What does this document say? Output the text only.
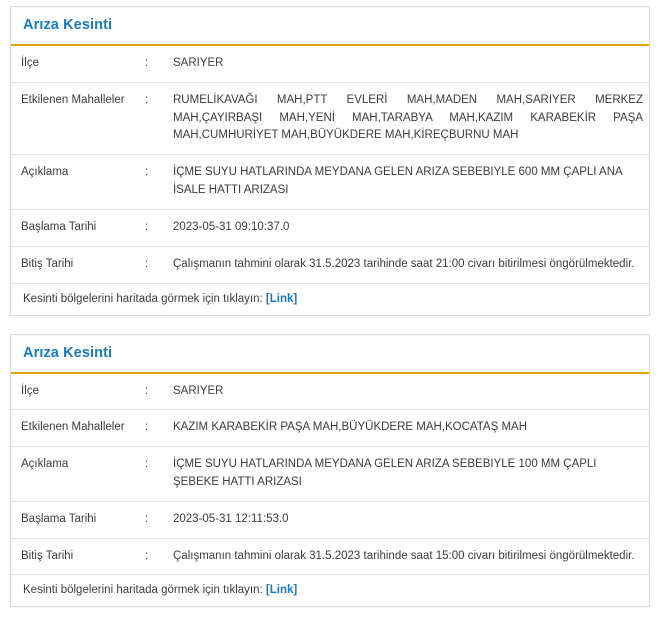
Arıza Kesinti
İlçe	:	SARIYER
Etkilenen Mahalleler	:	RUMELİKAVAĞI MAH,PTT EVLERİ MAH,MADEN MAH,SARIYER MERKEZ MAH,ÇAYIRBAŞI MAH,YENİ MAH,TARABYA MAH,KAZIM KARABEKİR PAŞA MAH,CUMHURİYET MAH,BÜYÜKDERE MAH,KİREÇBURNU MAH
Açıklama	:	İÇME SUYU HATLARINDA MEYDANA GELEN ARIZA SEBEBIYLE 600 MM ÇAPLI ANA İSALE HATTI ARIZASI
Başlama Tarihi	:	2023-05-31 09:10:37.0
Bitiş Tarihi	:	Çalışmanın tahmini olarak 31.5.2023 tarihinde saat 21:00 civarı bitirilmesi öngörülmektedir.
Kesinti bölgelerini haritada görmek için tıklayın: [Link]
Arıza Kesinti
İlçe	:	SARIYER
Etkilenen Mahalleler	:	KAZIM KARABEKİR PAŞA MAH,BÜYÜKDERE MAH,KOCATAŞ MAH
Açıklama	:	İÇME SUYU HATLARINDA MEYDANA GELEN ARIZA SEBEBIYLE 100 MM ÇAPLI ŞEBEKE HATTI ARIZASI
Başlama Tarihi	:	2023-05-31 12:11:53.0
Bitiş Tarihi	:	Çalışmanın tahmini olarak 31.5.2023 tarihinde saat 15:00 civarı bitirilmesi öngörülmektedir.
Kesinti bölgelerini haritada görmek için tıklayın: [Link]
